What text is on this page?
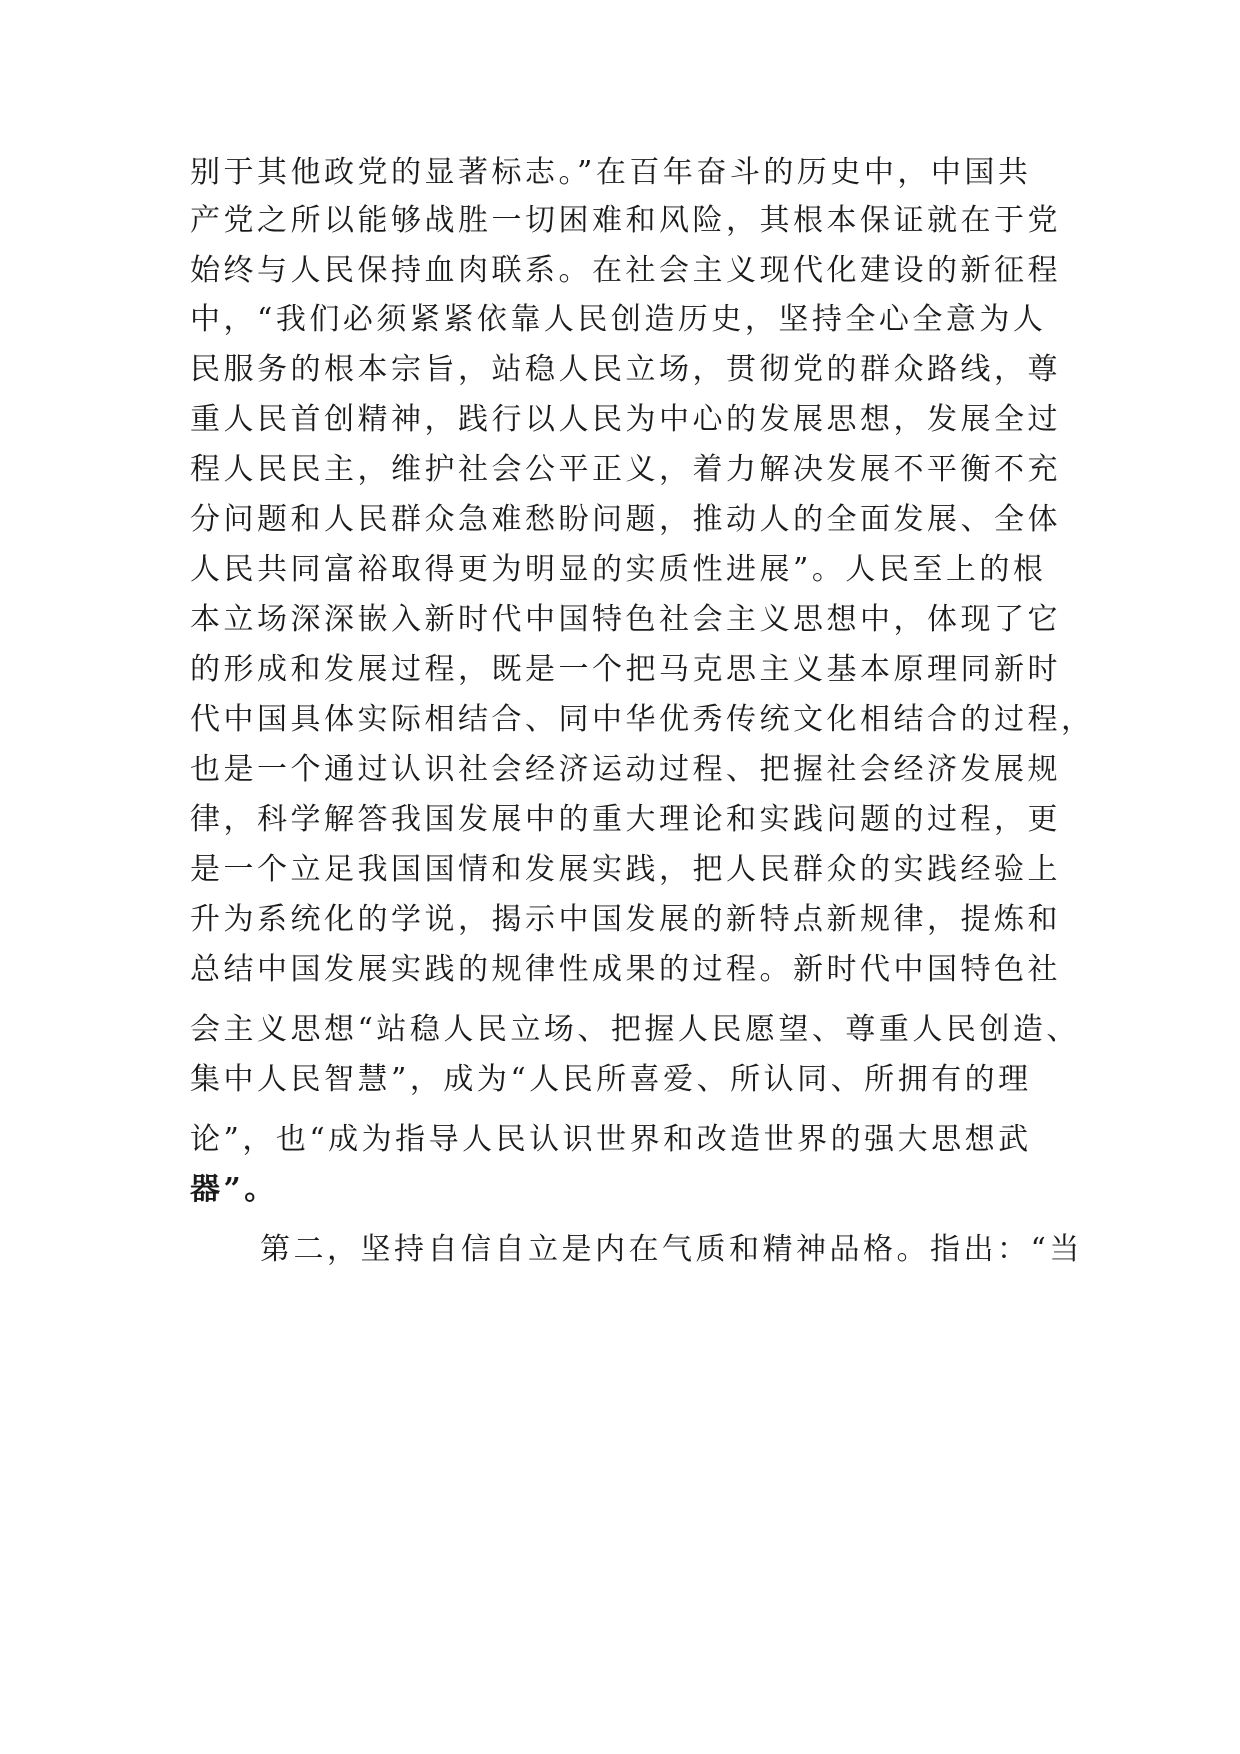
别于其他政党的显著标志。”在百年奋斗的历史中，中国共
产党之所以能够战胜一切困难和风险，其根本保证就在于党
始终与人民保持血肉联系。在社会主义现代化建设的新征程
中，“我们必须紧紧依靠人民创造历史，坚持全心全意为人
民服务的根本宗旨，站稳人民立场，贯彻党的群众路线，尊
重人民首创精神，践行以人民为中心的发展思想，发展全过
程人民民主，维护社会公平正义，着力解决发展不平衡不充
分问题和人民群众急难愁盼问题，推动人的全面发展、全体
人民共同富裕取得更为明显的实质性进展”。人民至上的根
本立场深深嵌入新时代中国特色社会主义思想中，体现了它
的形成和发展过程，既是一个把马克思主义基本原理同新时
代中国具体实际相结合、同中华优秀传统文化相结合的过程，
也是一个通过认识社会经济运动过程、把握社会经济发展规
律，科学解答我国发展中的重大理论和实践问题的过程，更
是一个立足我国国情和发展实践，把人民群众的实践经验上
升为系统化的学说，揭示中国发展的新特点新规律，提炼和
总结中国发展实践的规律性成果的过程。新时代中国特色社
会主义思想“站稳人民立场、把握人民愿望、尊重人民创造、
集中人民智慧”，成为“人民所喜爱、所认同、所拥有的理
论”，也“成为指导人民认识世界和改造世界的强大思想武
器”。
第二，坚持自信自立是内在气质和精神品格。指出：“当
